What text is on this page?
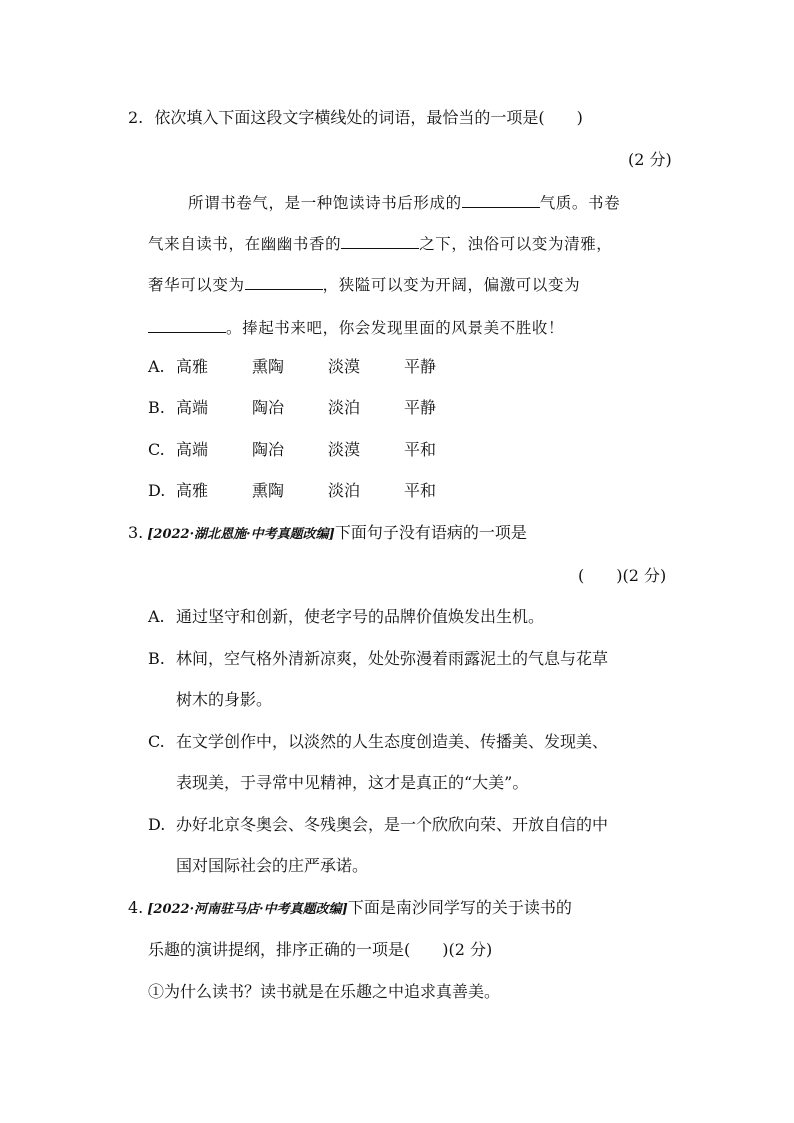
2. 依次填入下面这段文字横线处的词语，最恰当的一项是(　　)
(2 分)
所谓书卷气，是一种饱读诗书后形成的	气质。书卷
气来自读书，在幽幽书香的	之下，浊俗可以变为清雅，
奢华可以变为	，狭隘可以变为开阔，偏激可以变为
。捧起书来吧，你会发现里面的风景美不胜收！
A. 高雅	熏陶	淡漠	平静
B. 高端	陶冶	淡泊	平静
C. 高端	陶冶	淡漠	平和
D. 高雅	熏陶	淡泊	平和
3. [2022·湖北恩施·中考真题改编]下面句子没有语病的一项是
(　　)(2 分)
A. 通过坚守和创新，使老字号的品牌价值焕发出生机。
B. 林间，空气格外清新凉爽，处处弥漫着雨露泥土的气息与花草
树木的身影。
C. 在文学创作中，以淡然的人生态度创造美、传播美、发现美、
表现美，于寻常中见精神，这才是真正的“大美”。
D. 办好北京冬奥会、冬残奥会，是一个欣欣向荣、开放自信的中
国对国际社会的庄严承诺。
4. [2022·河南驻马店·中考真题改编]下面是南沙同学写的关于读书的
乐趣的演讲提纲，排序正确的一项是(　　)(2 分)
①为什么读书？读书就是在乐趣之中追求真善美。
